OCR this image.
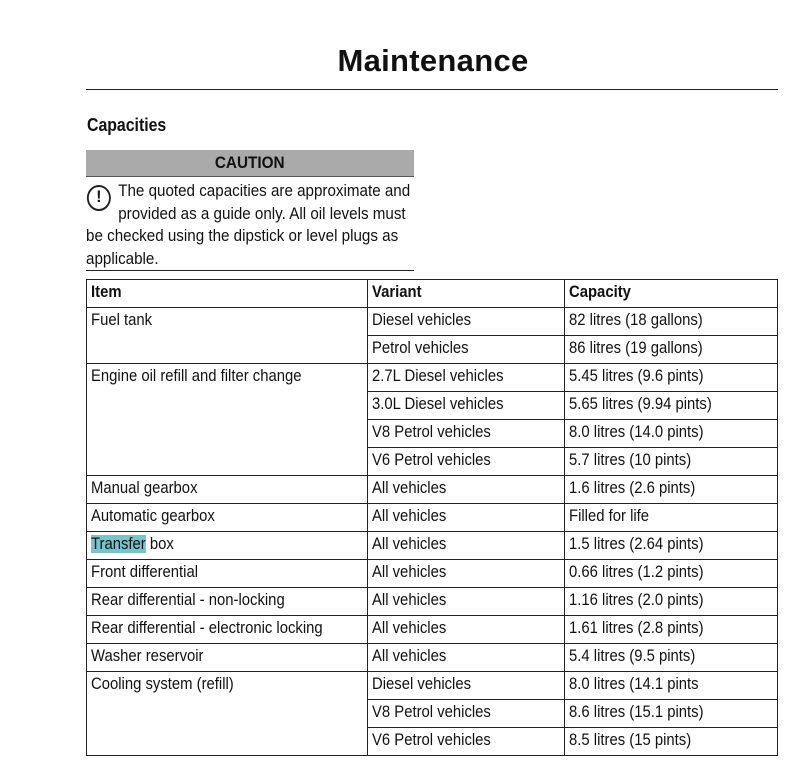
Maintenance
Capacities
CAUTION
!	The quoted capacities are approximate and provided as a guide only. All oil levels must be checked using the dipstick or level plugs as applicable.
Item	Variant	Capacity
Fuel tank	Diesel vehicles	82 litres (18 gallons)
	Petrol vehicles	86 litres (19 gallons)
Engine oil refill and filter change	2.7L Diesel vehicles	5.45 litres (9.6 pints)
	3.0L Diesel vehicles	5.65 litres (9.94 pints)
	V8 Petrol vehicles	8.0 litres (14.0 pints)
	V6 Petrol vehicles	5.7 litres (10 pints)
Manual gearbox	All vehicles	1.6 litres (2.6 pints)
Automatic gearbox	All vehicles	Filled for life
Transfer box	All vehicles	1.5 litres (2.64 pints)
Front differential	All vehicles	0.66 litres (1.2 pints)
Rear differential - non-locking	All vehicles	1.16 litres (2.0 pints)
Rear differential - electronic locking	All vehicles	1.61 litres (2.8 pints)
Washer reservoir	All vehicles	5.4 litres (9.5 pints)
Cooling system (refill)	Diesel vehicles	8.0 litres (14.1 pints
	V8 Petrol vehicles	8.6 litres (15.1 pints)
	V6 Petrol vehicles	8.5 litres (15 pints)
